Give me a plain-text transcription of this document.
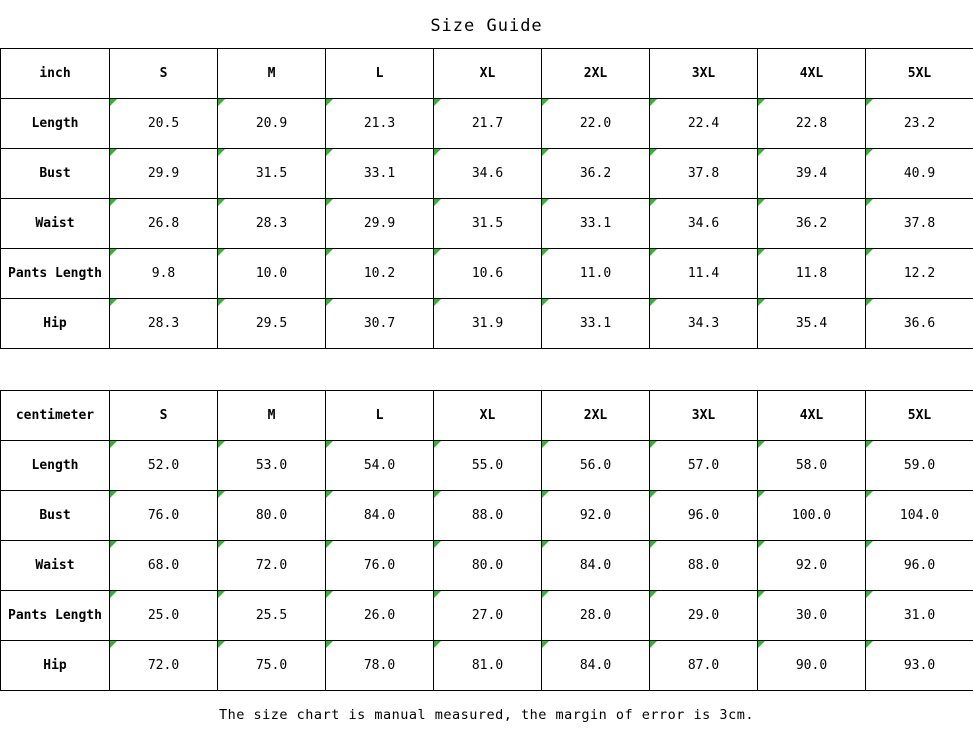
Size Guide
inch	S	M	L	XL	2XL	3XL	4XL	5XL
Length	20.5	20.9	21.3	21.7	22.0	22.4	22.8	23.2
Bust	29.9	31.5	33.1	34.6	36.2	37.8	39.4	40.9
Waist	26.8	28.3	29.9	31.5	33.1	34.6	36.2	37.8
Pants Length	9.8	10.0	10.2	10.6	11.0	11.4	11.8	12.2
Hip	28.3	29.5	30.7	31.9	33.1	34.3	35.4	36.6
centimeter	S	M	L	XL	2XL	3XL	4XL	5XL
Length	52.0	53.0	54.0	55.0	56.0	57.0	58.0	59.0
Bust	76.0	80.0	84.0	88.0	92.0	96.0	100.0	104.0
Waist	68.0	72.0	76.0	80.0	84.0	88.0	92.0	96.0
Pants Length	25.0	25.5	26.0	27.0	28.0	29.0	30.0	31.0
Hip	72.0	75.0	78.0	81.0	84.0	87.0	90.0	93.0
The size chart is manual measured, the margin of error is 3cm.
